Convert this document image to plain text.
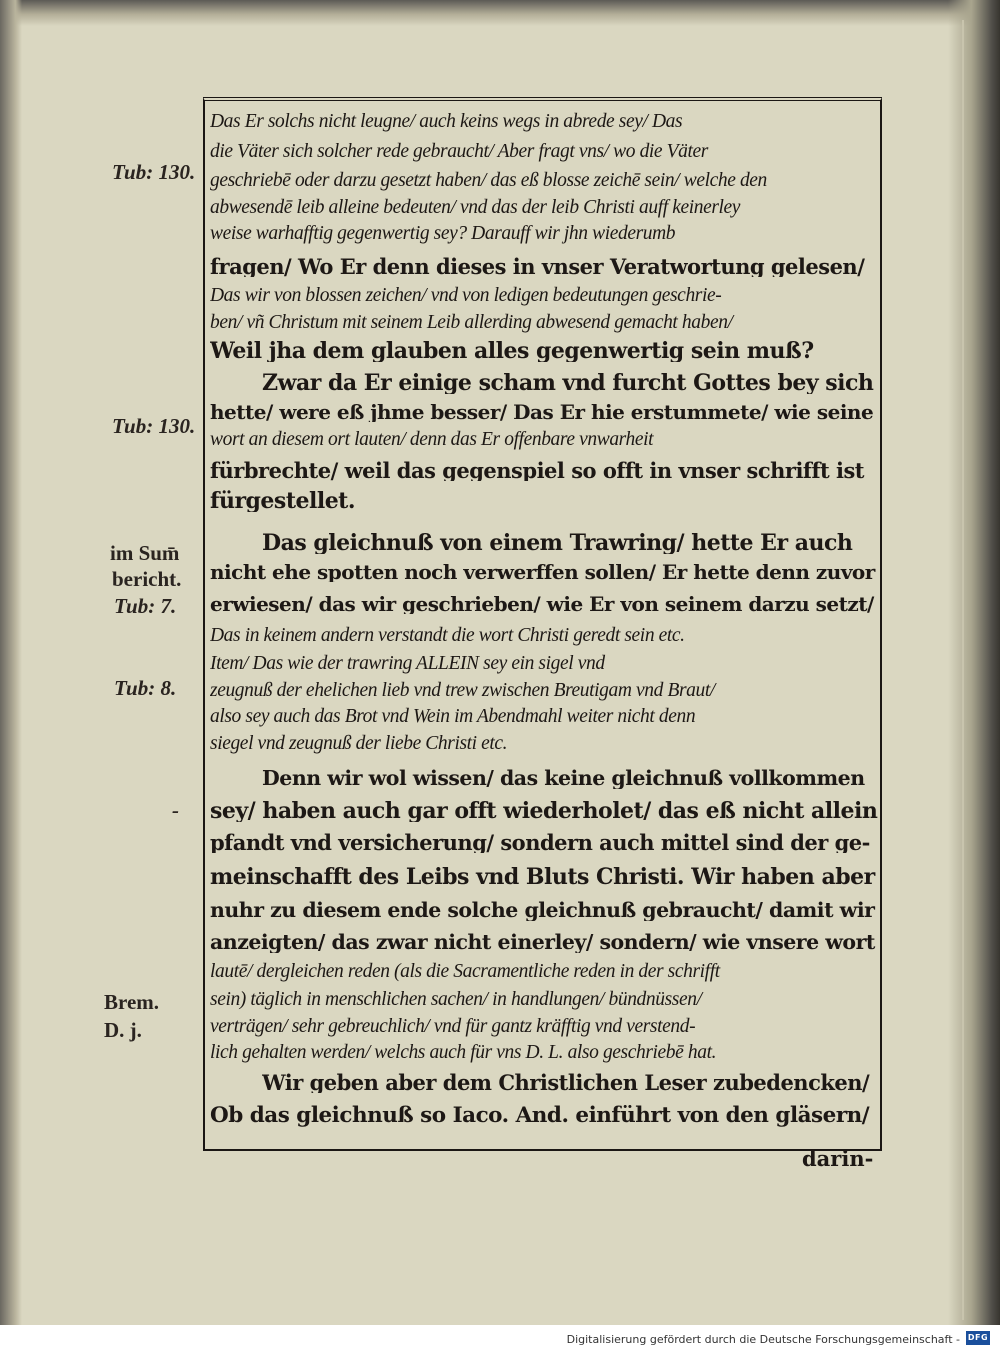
Tub: 130.
Tub: 130.
im Sum̄
bericht.
Tub: 7.
Tub: 8.
-
Brem.
D. j.
Das Er solchs nicht leugne/ auch keins wegs in abrede sey/ Das
die Väter sich solcher rede gebraucht/ Aber fragt vns/ wo die Väter
geschriebē oder darzu gesetzt haben/ das eß blosse zeichē sein/ welche den
abwesendē leib alleine bedeuten/ vnd das der leib Christi auff keinerley
weise warhafftig gegenwertig sey? Darauff wir jhn wiederumb
fragen/ Wo Er denn dieses in vnser Veratwortung gelesen/
Das wir von blossen zeichen/ vnd von ledigen bedeutungen geschrie-
ben/ vñ Christum mit seinem Leib allerding abwesend gemacht haben/
Weil jha dem glauben alles gegenwertig sein muß?
Zwar da Er einige scham vnd furcht Gottes bey sich
hette/ were eß jhme besser/ Das Er hie erstummete/ wie seine
wort an diesem ort lauten/ denn das Er offenbare vnwarheit
fürbrechte/ weil das gegenspiel so offt in vnser schrifft ist
fürgestellet.
Das gleichnuß von einem Trawring/ hette Er auch
nicht ehe spotten noch verwerffen sollen/ Er hette denn zuvor
erwiesen/ das wir geschrieben/ wie Er von seinem darzu setzt/
Das in keinem andern verstandt die wort Christi geredt sein etc.
Item/ Das wie der trawring ALLEIN sey ein sigel vnd
zeugnuß der ehelichen lieb vnd trew zwischen Breutigam vnd Braut/
also sey auch das Brot vnd Wein im Abendmahl weiter nicht denn
siegel vnd zeugnuß der liebe Christi etc.
Denn wir wol wissen/ das keine gleichnuß vollkommen
sey/ haben auch gar offt wiederholet/ das eß nicht allein
pfandt vnd versicherung/ sondern auch mittel sind der ge-
meinschafft des Leibs vnd Bluts Christi. Wir haben aber
nuhr zu diesem ende solche gleichnuß gebraucht/ damit wir
anzeigten/ das zwar nicht einerley/ sondern/ wie vnsere wort
lautē/ dergleichen reden (als die Sacramentliche reden in der schrifft
sein) täglich in menschlichen sachen/ in handlungen/ bündnüssen/
verträgen/ sehr gebreuchlich/ vnd für gantz kräfftig vnd verstend-
lich gehalten werden/ welchs auch für vns D. L. also geschriebē hat.
Wir geben aber dem Christlichen Leser zubedencken/
Ob das gleichnuß so Iaco. And. einführt von den gläsern/
darin-
Digitalisierung gefördert durch die Deutsche Forschungsgemeinschaft - DFG
